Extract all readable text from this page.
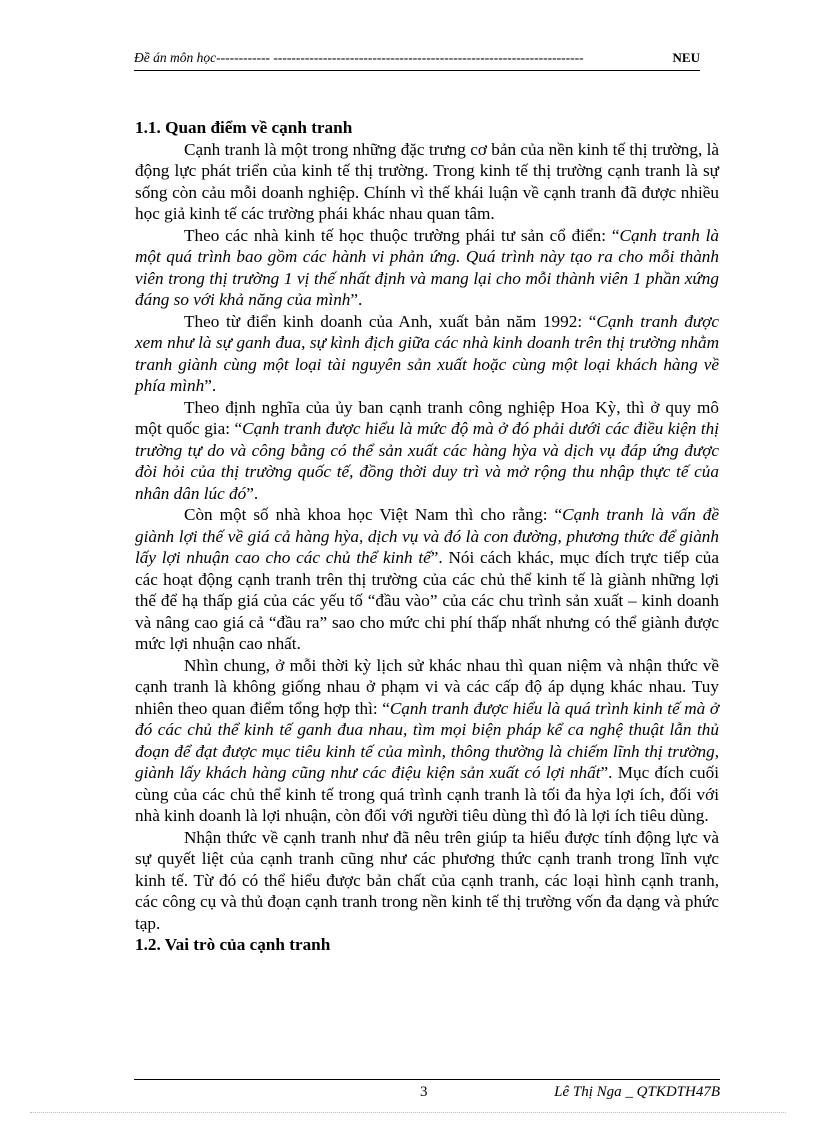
Đề án môn học------------ ---------------------------------------------------------------------	NEU
1.1. Quan điểm về cạnh tranh

Cạnh tranh là một trong những đặc trưng cơ bản của nền kinh tế thị trường, là động lực phát triển của kinh tế thị trường. Trong kinh tế thị trường cạnh tranh là sự sống còn cảu mỗi doanh nghiệp. Chính vì thế khái luận về cạnh tranh đã được nhiều học giả kinh tế các trường phái khác nhau quan tâm.

Theo các nhà kinh tế học thuộc trường phái tư sản cổ điển: “Cạnh tranh là một quá trình bao gồm các hành vi phản ứng. Quá trình này tạo ra cho mỗi thành viên trong thị trường 1 vị thế nhất định và mang lại cho mỗi thành viên 1 phần xứng đáng so với khả năng của mình”.

Theo từ điển kinh doanh của Anh, xuất bản năm 1992: “Cạnh tranh được xem như là sự ganh đua, sự kình địch giữa các nhà kinh doanh trên thị trường nhằm tranh giành cùng một loại tài nguyên sản xuất hoặc cùng một loại khách hàng về phía mình”.

Theo định nghĩa của ủy ban cạnh tranh công nghiệp Hoa Kỳ, thì ở quy mô một quốc gia: “Cạnh tranh được hiểu là mức độ mà ở đó phải dưới các điều kiện thị trường tự do và công bằng có thể sản xuất các hàng hỳa và dịch vụ đáp ứng được đòi hỏi của thị trường quốc tế, đồng thời duy trì và mở rộng thu nhập thực tế của nhân dân lúc đó”.

Còn một số nhà khoa học Việt Nam thì cho rằng: “Cạnh tranh là vấn đề giành lợi thế về giá cả hàng hỳa, dịch vụ và đó là con đường, phương thức để giành lấy lợi nhuận cao cho các chủ thể kinh tế”. Nói cách khác, mục đích trực tiếp của các hoạt động cạnh tranh trên thị trường của các chủ thể kinh tế là giành những lợi thế để hạ thấp giá của các yếu tố “đầu vào” của các chu trình sản xuất – kinh doanh và nâng cao giá cả “đầu ra” sao cho mức chi phí thấp nhất nhưng có thể giành được mức lợi nhuận cao nhất.

Nhìn chung, ở mỗi thời kỳ lịch sử khác nhau thì quan niệm và nhận thức về cạnh tranh là không giống nhau ở phạm vi và các cấp độ áp dụng khác nhau. Tuy nhiên theo quan điểm tổng hợp thì: “Cạnh tranh được hiểu là quá trình kinh tế mà ở đó các chủ thể kinh tế ganh đua nhau, tìm mọi biện pháp kể ca nghệ thuật lẫn thủ đoạn để đạt được mục tiêu kinh tế của mình, thông thường là chiếm lĩnh thị trường, giành lấy khách hàng cũng như các điệu kiện sản xuất có lợi nhất”. Mục đích cuối cùng của các chủ thể kinh tế trong quá trình cạnh tranh là tối đa hỳa lợi ích, đối với nhà kinh doanh là lợi nhuận, còn đối với người tiêu dùng thì đó là lợi ích tiêu dùng.

Nhận thức về cạnh tranh như đã nêu trên giúp ta hiểu được tính động lực và sự quyết liệt của cạnh tranh cũng như các phương thức cạnh tranh trong lĩnh vực kinh tế. Từ đó có thể hiểu được bản chất của cạnh tranh, các loại hình cạnh tranh, các công cụ và thủ đoạn cạnh tranh trong nền kinh tế thị trường vốn đa dạng và phức tạp.

1.2. Vai trò của cạnh tranh
3	Lê Thị Nga _ QTKDTH47B
